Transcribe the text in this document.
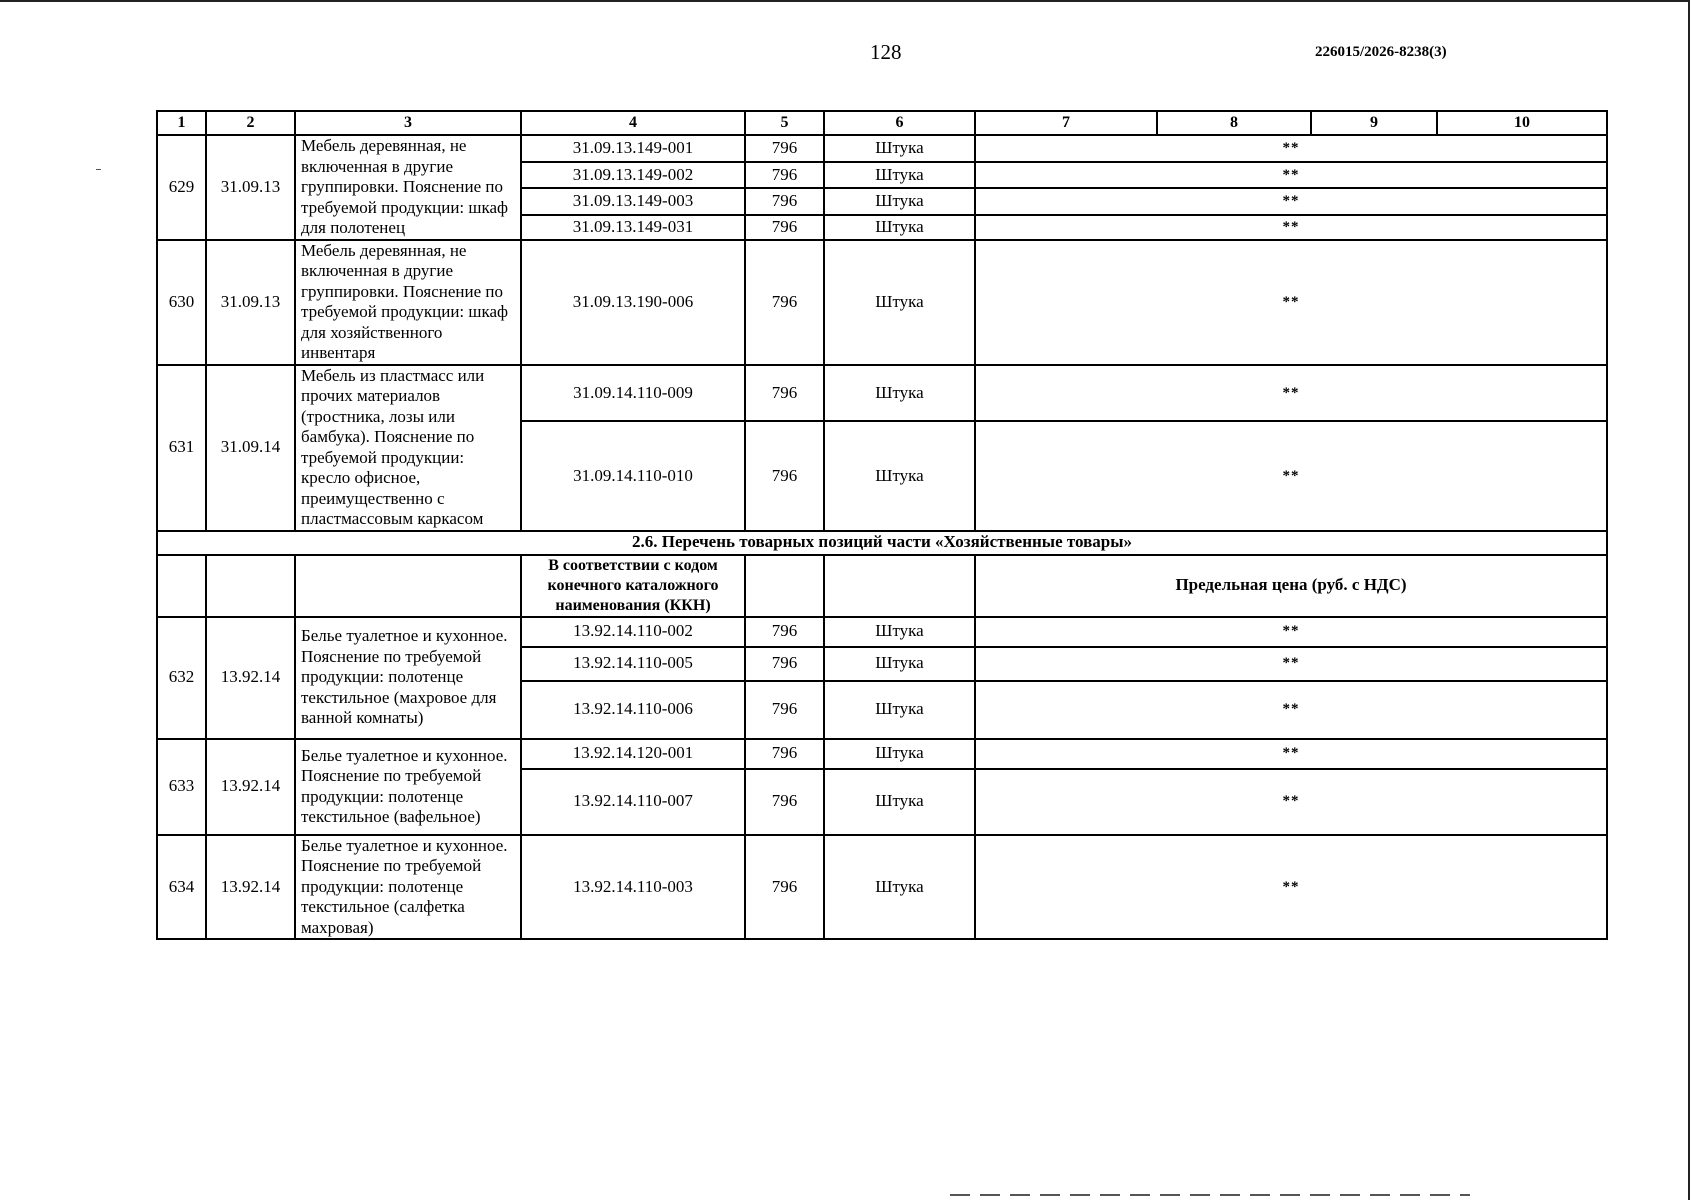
128	226015/2026-8238(3)
1	2	3	4	5	6	7	8	9	10
629	31.09.13	Мебель деревянная, не включенная в другие группировки. Пояснение по требуемой продукции: шкаф для полотенец	31.09.13.149-001	796	Штука	**			
			31.09.13.149-002	796	Штука	**			
			31.09.13.149-003	796	Штука	**			
			31.09.13.149-031	796	Штука	**			
630	31.09.13	Мебель деревянная, не включенная в другие группировки. Пояснение по требуемой продукции: шкаф для хозяйственного инвентаря	31.09.13.190-006	796	Штука	**			
631	31.09.14	Мебель из пластмасс или прочих материалов (тростника, лозы или бамбука). Пояснение по требуемой продукции: кресло офисное, преимущественно с пластмассовым каркасом	31.09.14.110-009	796	Штука	**			
			31.09.14.110-010	796	Штука	**			
2.6. Перечень товарных позиций части «Хозяйственные товары»									
			В соответствии с кодом конечного каталожного наименования (ККН)			Предельная цена (руб. с НДС)			
632	13.92.14	Белье туалетное и кухонное. Пояснение по требуемой продукции: полотенце текстильное (махровое для ванной комнаты)	13.92.14.110-002	796	Штука	**			
			13.92.14.110-005	796	Штука	**			
			13.92.14.110-006	796	Штука	**			
633	13.92.14	Белье туалетное и кухонное. Пояснение по требуемой продукции: полотенце текстильное (вафельное)	13.92.14.120-001	796	Штука	**			
			13.92.14.110-007	796	Штука	**			
634	13.92.14	Белье туалетное и кухонное. Пояснение по требуемой продукции: полотенце текстильное (салфетка махровая)	13.92.14.110-003	796	Штука	**			
